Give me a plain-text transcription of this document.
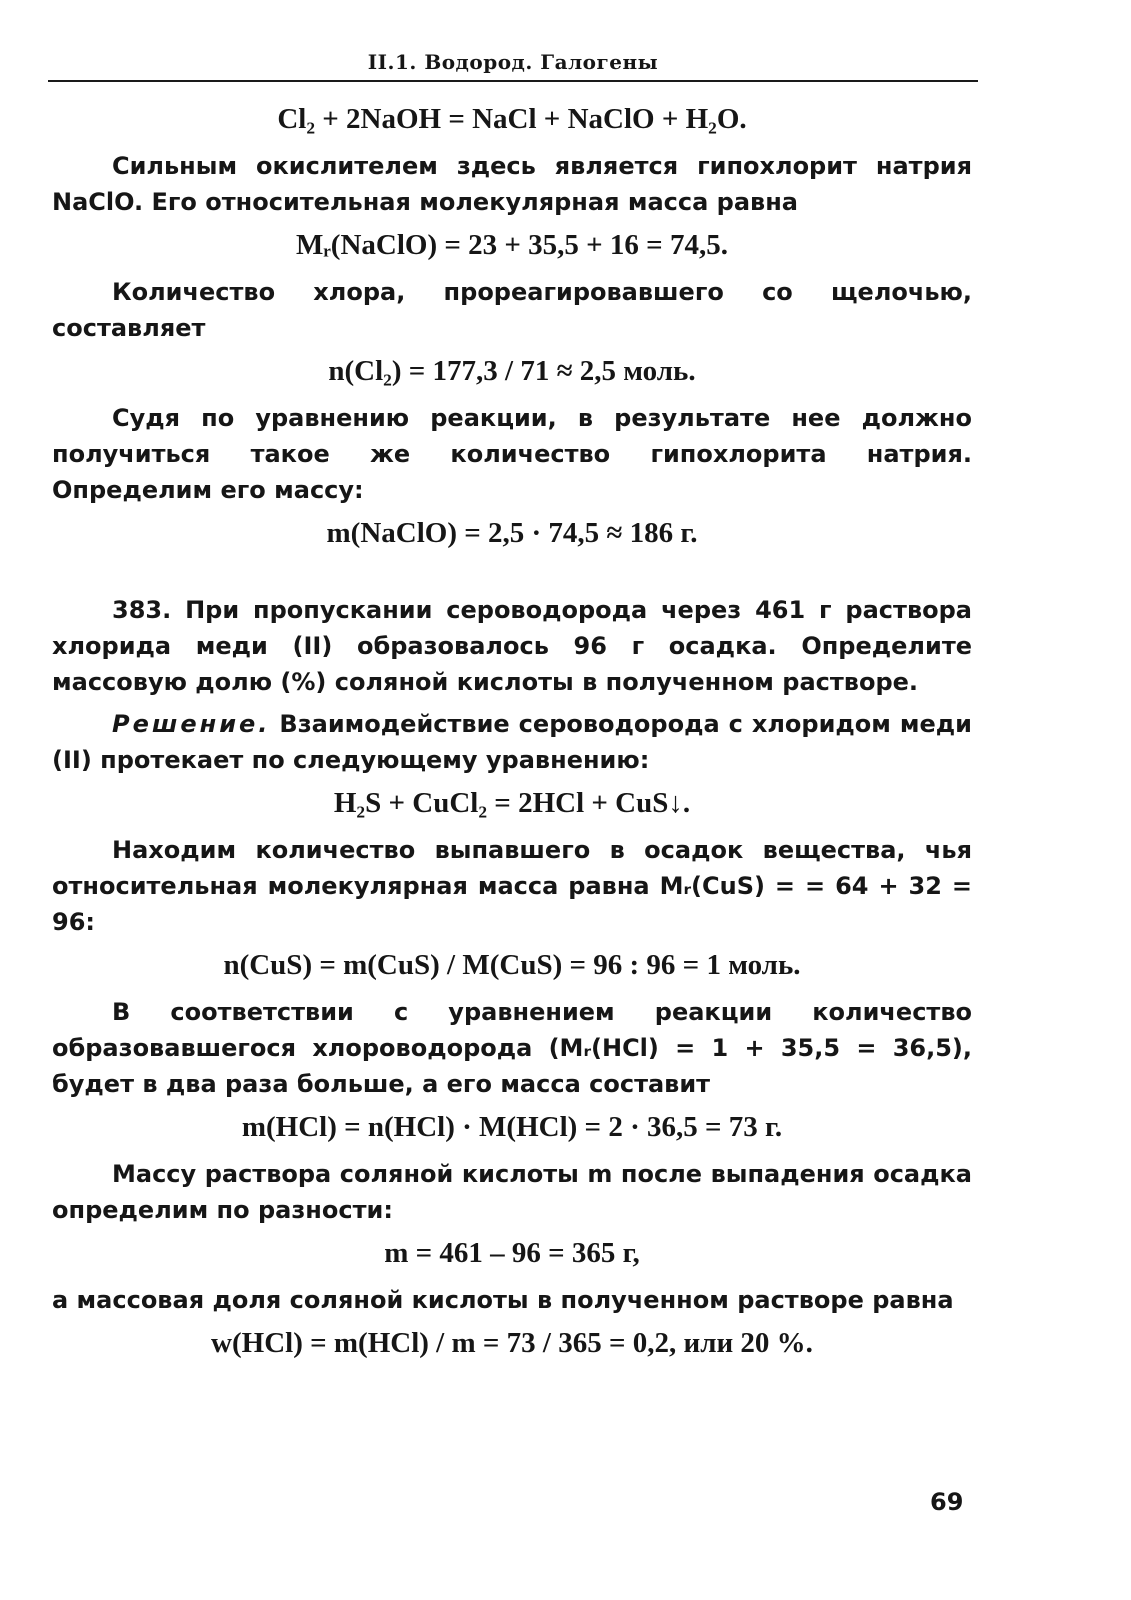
II.1. Водород. Галогены
Cl₂ + 2NaOH = NaCl + NaClO + H₂O.

Сильным окислителем здесь является гипохлорит натрия NaClO. Его относительная молекулярная масса равна

Mᵣ(NaClO) = 23 + 35,5 + 16 = 74,5.

Количество хлора, прореагировавшего со щелочью, составляет

n(Cl₂) = 177,3 / 71 ≈ 2,5 моль.

Судя по уравнению реакции, в результате нее должно получиться такое же количество гипохлорита натрия. Определим его массу:

m(NaClO) = 2,5 · 74,5 ≈ 186 г.

383. При пропускании сероводорода через 461 г раствора хлорида меди (II) образовалось 96 г осадка. Определите массовую долю (%) соляной кислоты в полученном растворе.

Решение. Взаимодействие сероводорода с хлоридом меди (II) протекает по следующему уравнению:

H₂S + CuCl₂ = 2HCl + CuS↓.

Находим количество выпавшего в осадок вещества, чья относительная молекулярная масса равна Mᵣ(CuS) = = 64 + 32 = 96:

n(CuS) = m(CuS) / M(CuS) = 96 : 96 = 1 моль.

В соответствии с уравнением реакции количество образовавшегося хлороводорода (Mᵣ(HCl) = 1 + 35,5 = 36,5), будет в два раза больше, а его масса составит

m(HCl) = n(HCl) · M(HCl) = 2 · 36,5 = 73 г.

Массу раствора соляной кислоты m после выпадения осадка определим по разности:

m = 461 – 96 = 365 г,

а массовая доля соляной кислоты в полученном растворе равна

w(HCl) = m(HCl) / m = 73 / 365 = 0,2, или 20 %.
69
